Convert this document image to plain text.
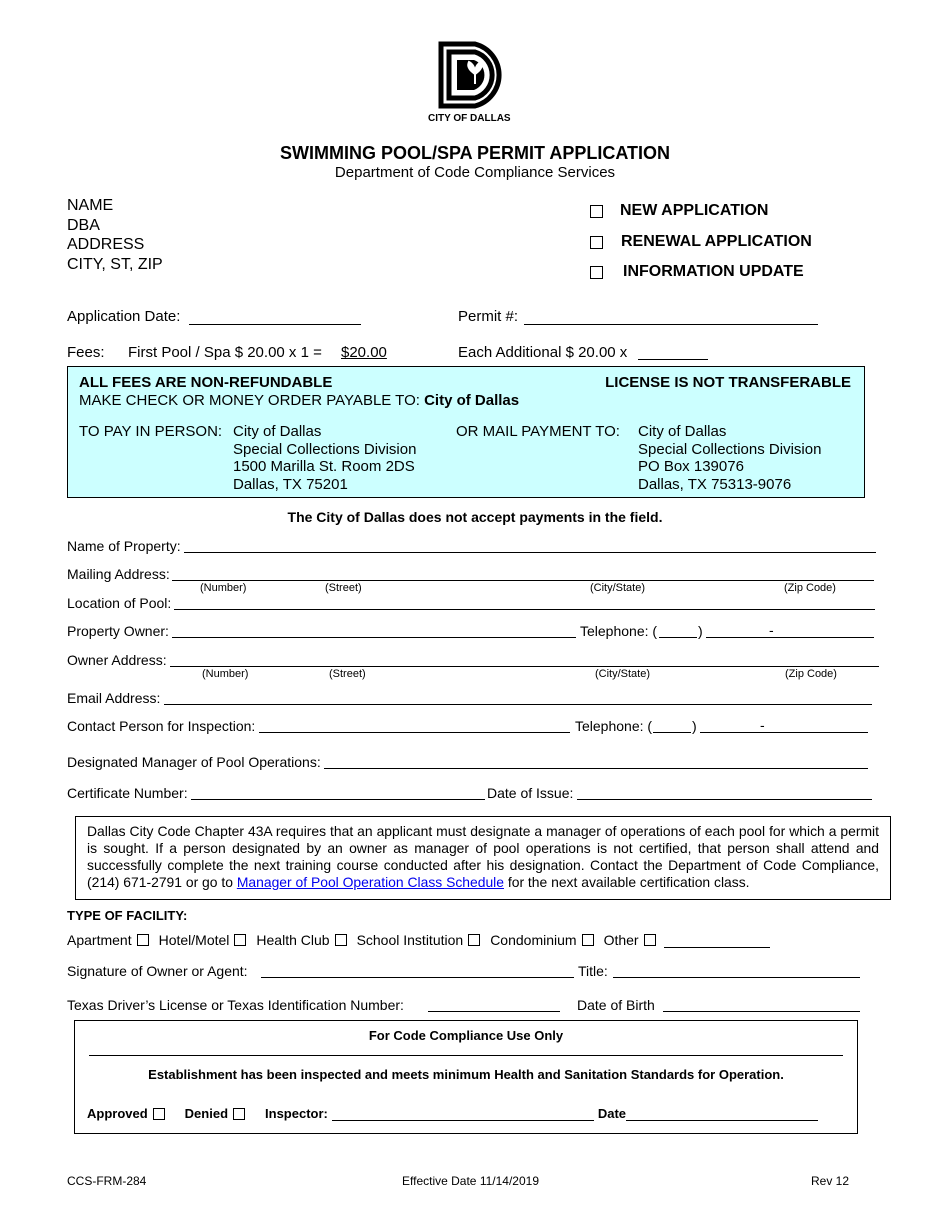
CITY OF DALLAS
SWIMMING POOL/SPA PERMIT APPLICATION
Department of Code Compliance Services
NAME
DBA
ADDRESS
CITY, ST, ZIP
NEW APPLICATION
RENEWAL APPLICATION
INFORMATION UPDATE
Application Date:	Permit #:
Fees: First Pool / Spa $ 20.00 x 1 = $20.00	Each Additional $ 20.00 x
ALL FEES ARE NON-REFUNDABLE	LICENSE IS NOT TRANSFERABLE
MAKE CHECK OR MONEY ORDER PAYABLE TO: City of Dallas
TO PAY IN PERSON: City of Dallas
Special Collections Division
1500 Marilla St. Room 2DS
Dallas, TX 75201
OR MAIL PAYMENT TO: City of Dallas
Special Collections Division
PO Box 139076
Dallas, TX 75313-9076
The City of Dallas does not accept payments in the field.
Name of Property:
Mailing Address:
(Number)	(Street)	(City/State)	(Zip Code)
Location of Pool:
Property Owner:	Telephone: (	)	-
Owner Address:
(Number)	(Street)	(City/State)	(Zip Code)
Email Address:
Contact Person for Inspection:	Telephone: (	)	-
Designated Manager of Pool Operations:
Certificate Number:	Date of Issue:
Dallas City Code Chapter 43A requires that an applicant must designate a manager of operations of each pool for which a permit is sought. If a person designated by an owner as manager of pool operations is not certified, that person shall attend and successfully complete the next training course conducted after his designation. Contact the Department of Code Compliance, (214) 671-2791 or go to Manager of Pool Operation Class Schedule for the next available certification class.
TYPE OF FACILITY:
Apartment Hotel/Motel Health Club School Institution Condominium Other
Signature of Owner or Agent:	Title:
Texas Driver’s License or Texas Identification Number:	Date of Birth
For Code Compliance Use Only
Establishment has been inspected and meets minimum Health and Sanitation Standards for Operation.
Approved	Denied	Inspector:	Date
CCS-FRM-284	Effective Date 11/14/2019	Rev 12
